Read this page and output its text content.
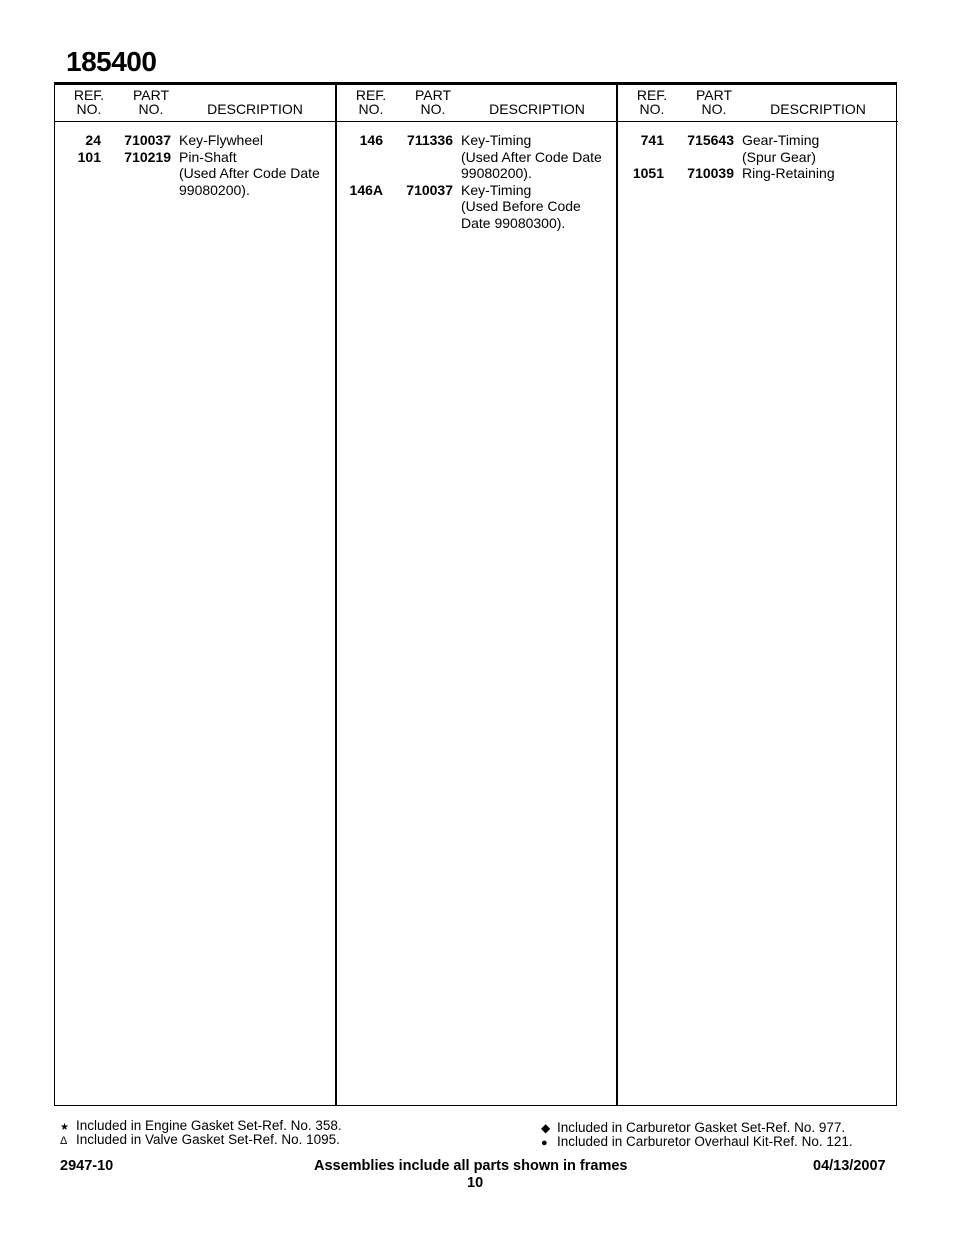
185400
REF.
NO.
PART
NO.	DESCRIPTION
24	710037 Key-Flywheel
101	710219 Pin-Shaft
(Used After Code Date
99080200).
REF.
NO.
PART
NO.	DESCRIPTION
146	711336 Key-Timing
(Used After Code Date
99080200).
146A	710037 Key-Timing
(Used Before Code
Date 99080300).
REF.
NO.
PART
NO.	DESCRIPTION
741	715643 Gear-Timing
(Spur Gear)
1051	710039 Ring-Retaining
★ Included in Engine Gasket Set-Ref. No. 358.
Δ Included in Valve Gasket Set-Ref. No. 1095.
◆ Included in Carburetor Gasket Set-Ref. No. 977.
● Included in Carburetor Overhaul Kit-Ref. No. 121.
2947-10	Assemblies include all parts shown in frames	04/13/2007
10
